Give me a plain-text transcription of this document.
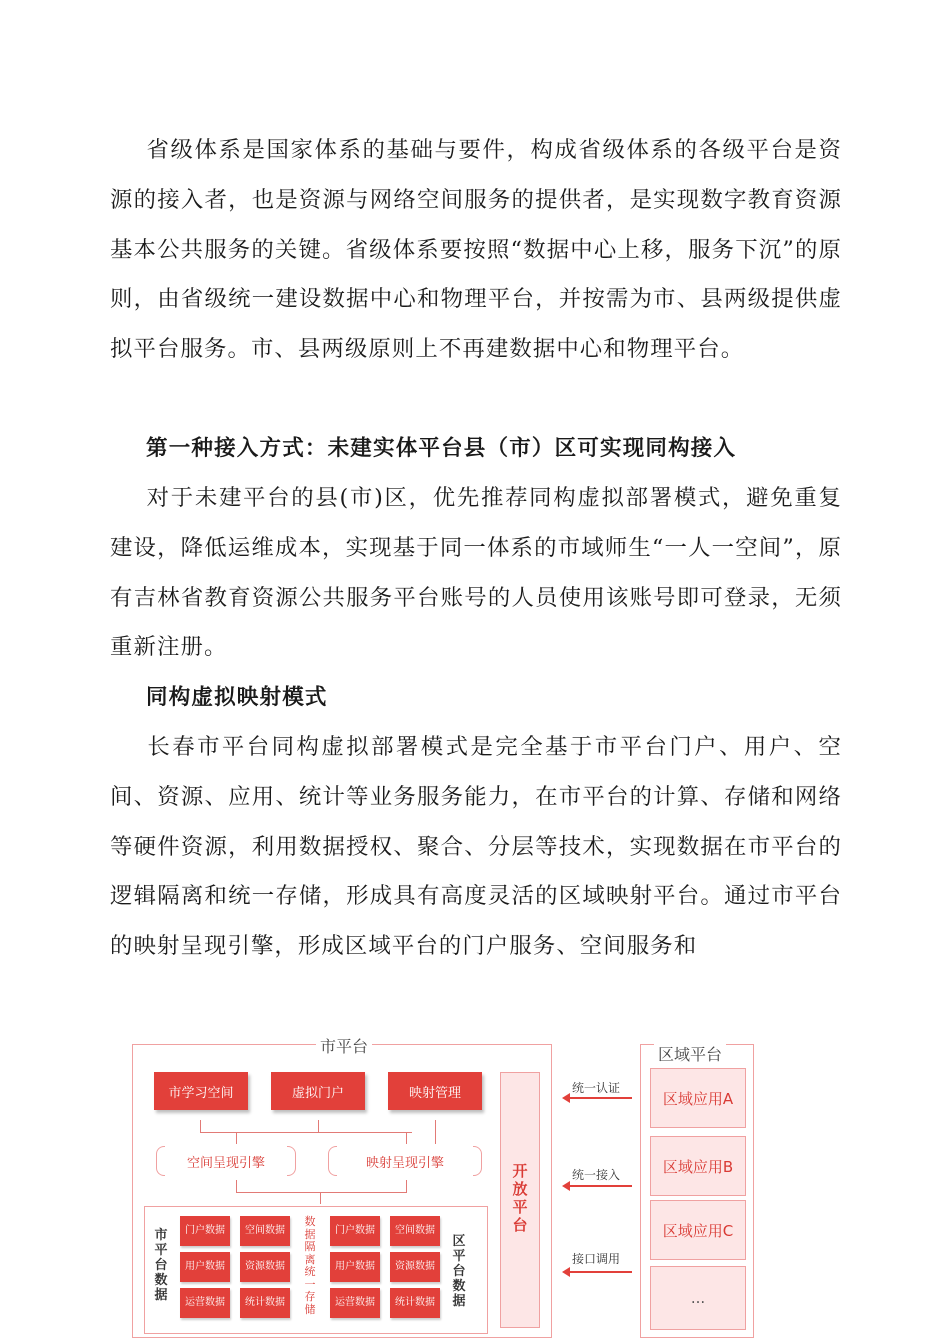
省级体系是国家体系的基础与要件，构成省级体系的各级平台是资源的接入者，也是资源与网络空间服务的提供者，是实现数字教育资源基本公共服务的关键。省级体系要按照“数据中心上移，服务下沉”的原则，由省级统一建设数据中心和物理平台，并按需为市、县两级提供虚拟平台服务。市、县两级原则上不再建数据中心和物理平台。

第一种接入方式：未建实体平台县（市）区可实现同构接入

对于未建平台的县(市)区，优先推荐同构虚拟部署模式，避免重复建设，降低运维成本，实现基于同一体系的市域师生“一人一空间”，原有吉林省教育资源公共服务平台账号的人员使用该账号即可登录，无须重新注册。

同构虚拟映射模式

长春市平台同构虚拟部署模式是完全基于市平台门户、用户、空间、资源、应用、统计等业务服务能力，在市平台的计算、存储和网络等硬件资源，利用数据授权、聚合、分层等技术，实现数据在市平台的逻辑隔离和统一存储，形成具有高度灵活的区域映射平台。通过市平台的映射呈现引擎，形成区域平台的门户服务、空间服务和

市平台
市学习空间	虚拟门户	映射管理
空间呈现引擎	映射呈现引擎	开放平台
市平台数据
区平台数据
数据隔离统一存储
门户 数据 空间 数据
用户 数据 资源 数据
运营 数据 统计 数据
门户 数据 空间 数据
用户 数据 资源 数据
运营 数据 统计 数据
统一认证
统一接入
接口调用
区域平台
区域应用A
区域应用B
区域应用C
...
